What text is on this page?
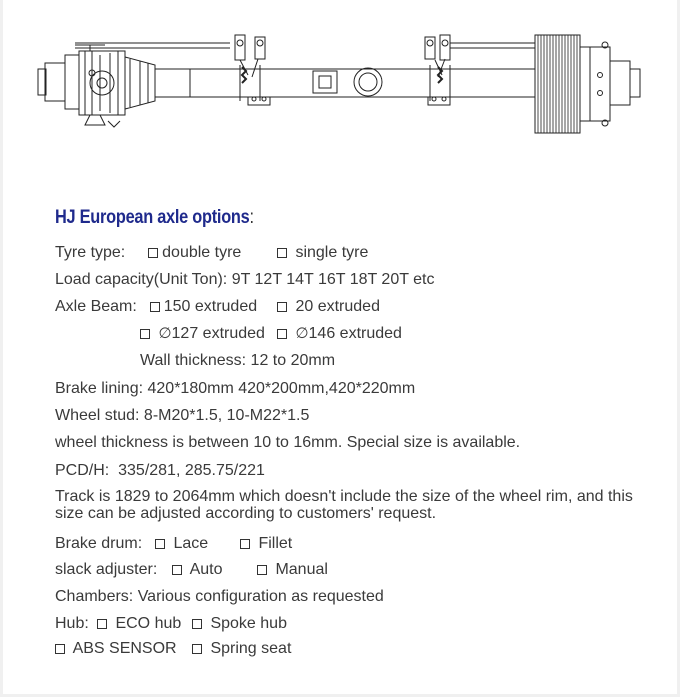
HJ European axle options:
Tyre type: double tyre	single tyre
Load capacity(Unit Ton): 9T 12T 14T 16T 18T 20T etc
Axle Beam: 150 extruded	20 extruded
∅127 extruded	∅146 extruded
Wall thickness: 12 to 20mm
Brake lining: 420*180mm 420*200mm,420*220mm
Wheel stud: 8-M20*1.5, 10-M22*1.5
wheel thickness is between 10 to 16mm. Special size is available.
PCD/H:  335/281, 285.75/221
Track is 1829 to 2064mm which doesn't include the size of the wheel rim, and this
size can be adjusted according to customers' request.
Brake drum:	Lace	Fillet
slack adjuster:	Auto	Manual
Chambers: Various configuration as requested
Hub:	ECO hub	Spoke hub
ABS SENSOR	Spring seat
